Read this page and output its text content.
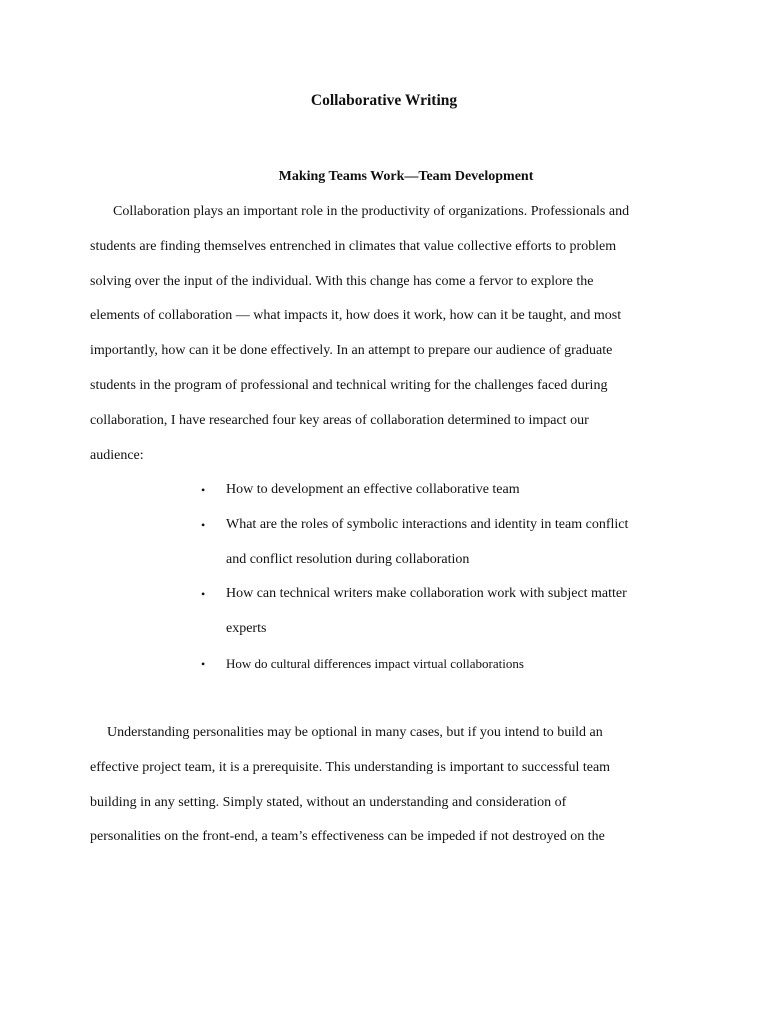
Collaborative Writing
Making Teams Work—Team Development
Collaboration plays an important role in the productivity of organizations. Professionals and
students are finding themselves entrenched in climates that value collective efforts to problem
solving over the input of the individual. With this change has come a fervor to explore the
elements of collaboration — what impacts it, how does it work, how can it be taught, and most
importantly, how can it be done effectively. In an attempt to prepare our audience of graduate
students in the program of professional and technical writing for the challenges faced during
collaboration, I have researched four key areas of collaboration determined to impact our
audience:
• How to development an effective collaborative team
• What are the roles of symbolic interactions and identity in team conflict
and conflict resolution during collaboration
• How can technical writers make collaboration work with subject matter
experts
• How do cultural differences impact virtual collaborations
Understanding personalities may be optional in many cases, but if you intend to build an
effective project team, it is a prerequisite. This understanding is important to successful team
building in any setting. Simply stated, without an understanding and consideration of
personalities on the front-end, a team’s effectiveness can be impeded if not destroyed on the
